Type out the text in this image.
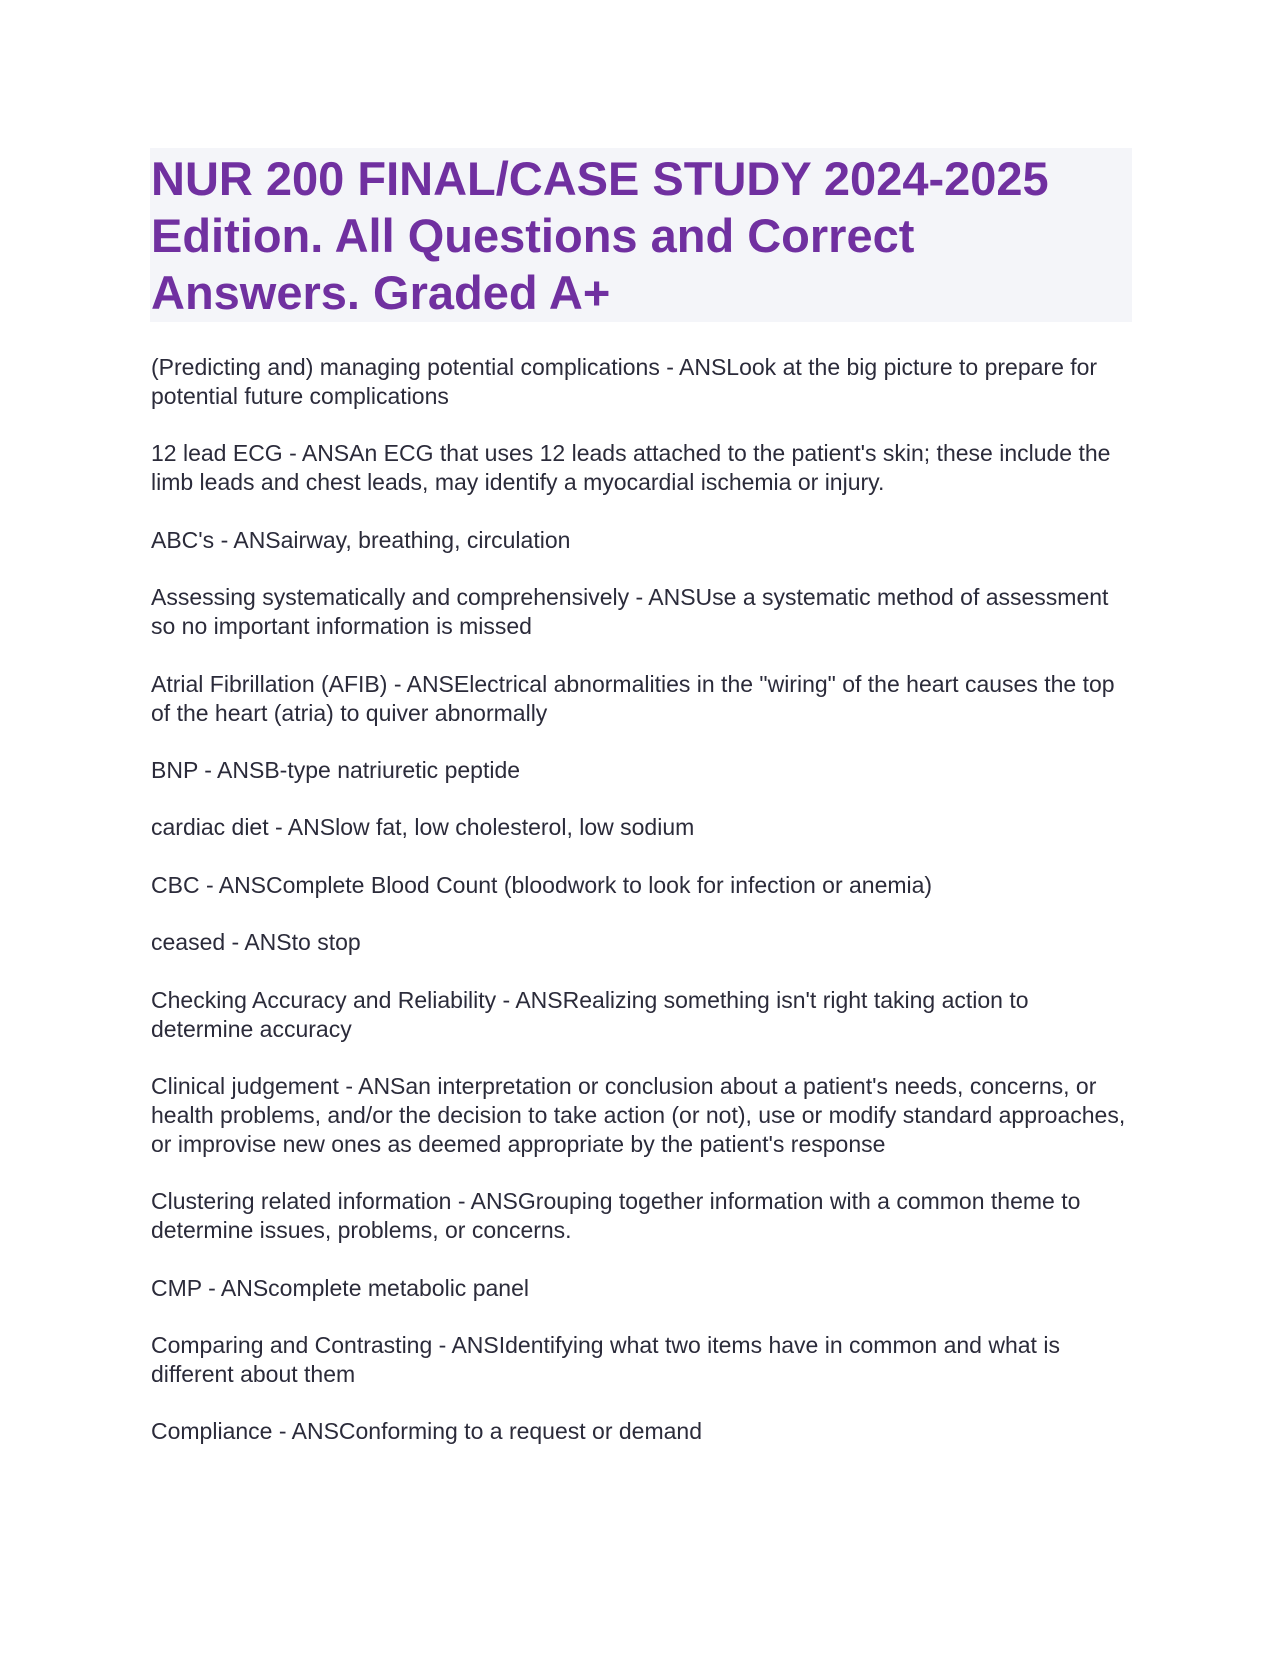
NUR 200 FINAL/CASE STUDY 2024-2025 Edition. All Questions and Correct Answers. Graded A+
(Predicting and) managing potential complications - ANSLook at the big picture to prepare for potential future complications
12 lead ECG - ANSAn ECG that uses 12 leads attached to the patient's skin; these include the limb leads and chest leads, may identify a myocardial ischemia or injury.
ABC's - ANSairway, breathing, circulation
Assessing systematically and comprehensively - ANSUse a systematic method of assessment so no important information is missed
Atrial Fibrillation (AFIB) - ANSElectrical abnormalities in the "wiring" of the heart causes the top of the heart (atria) to quiver abnormally
BNP - ANSB-type natriuretic peptide
cardiac diet - ANSlow fat, low cholesterol, low sodium
CBC - ANSComplete Blood Count (bloodwork to look for infection or anemia)
ceased - ANSto stop
Checking Accuracy and Reliability - ANSRealizing something isn't right taking action to determine accuracy
Clinical judgement - ANSan interpretation or conclusion about a patient's needs, concerns, or health problems, and/or the decision to take action (or not), use or modify standard approaches, or improvise new ones as deemed appropriate by the patient's response
Clustering related information - ANSGrouping together information with a common theme to determine issues, problems, or concerns.
CMP - ANScomplete metabolic panel
Comparing and Contrasting - ANSIdentifying what two items have in common and what is different about them
Compliance - ANSConforming to a request or demand
